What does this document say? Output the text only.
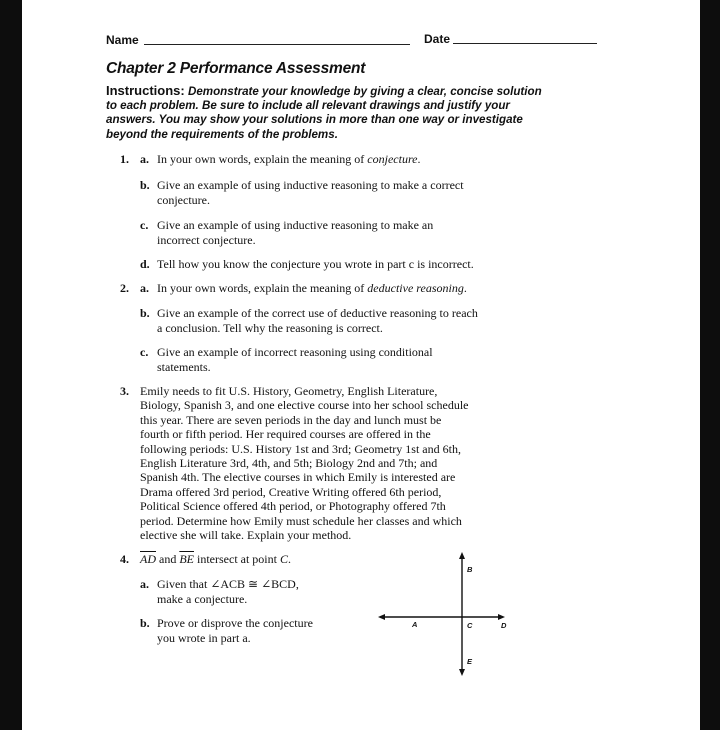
Name	Date
Chapter 2 Performance Assessment
Instructions: Demonstrate your knowledge by giving a clear, concise solution to each problem. Be sure to include all relevant drawings and justify your answers. You may show your solutions in more than one way or investigate beyond the requirements of the problems.
1. a. In your own words, explain the meaning of conjecture.
b. Give an example of using inductive reasoning to make a correct
conjecture.
c. Give an example of using inductive reasoning to make an
incorrect conjecture.
d. Tell how you know the conjecture you wrote in part c is incorrect.
2. a. In your own words, explain the meaning of deductive reasoning.
b. Give an example of the correct use of deductive reasoning to reach
a conclusion. Tell why the reasoning is correct.
c. Give an example of incorrect reasoning using conditional
statements.
3. Emily needs to fit U.S. History, Geometry, English Literature,
Biology, Spanish 3, and one elective course into her school schedule
this year. There are seven periods in the day and lunch must be
fourth or fifth period. Her required courses are offered in the
following periods: U.S. History 1st and 3rd; Geometry 1st and 6th,
English Literature 3rd, 4th, and 5th; Biology 2nd and 7th; and
Spanish 4th. The elective courses in which Emily is interested are
Drama offered 3rd period, Creative Writing offered 6th period,
Political Science offered 4th period, or Photography offered 7th
period. Determine how Emily must schedule her classes and which
elective she will take. Explain your method.
4. $\overline{AD}$ and $\overline{BE}$ intersect at point C.
a. Given that ∠ACB ≅ ∠BCD,
make a conjecture.
b. Prove or disprove the conjecture
you wrote in part a.
A
B
C	D
E
